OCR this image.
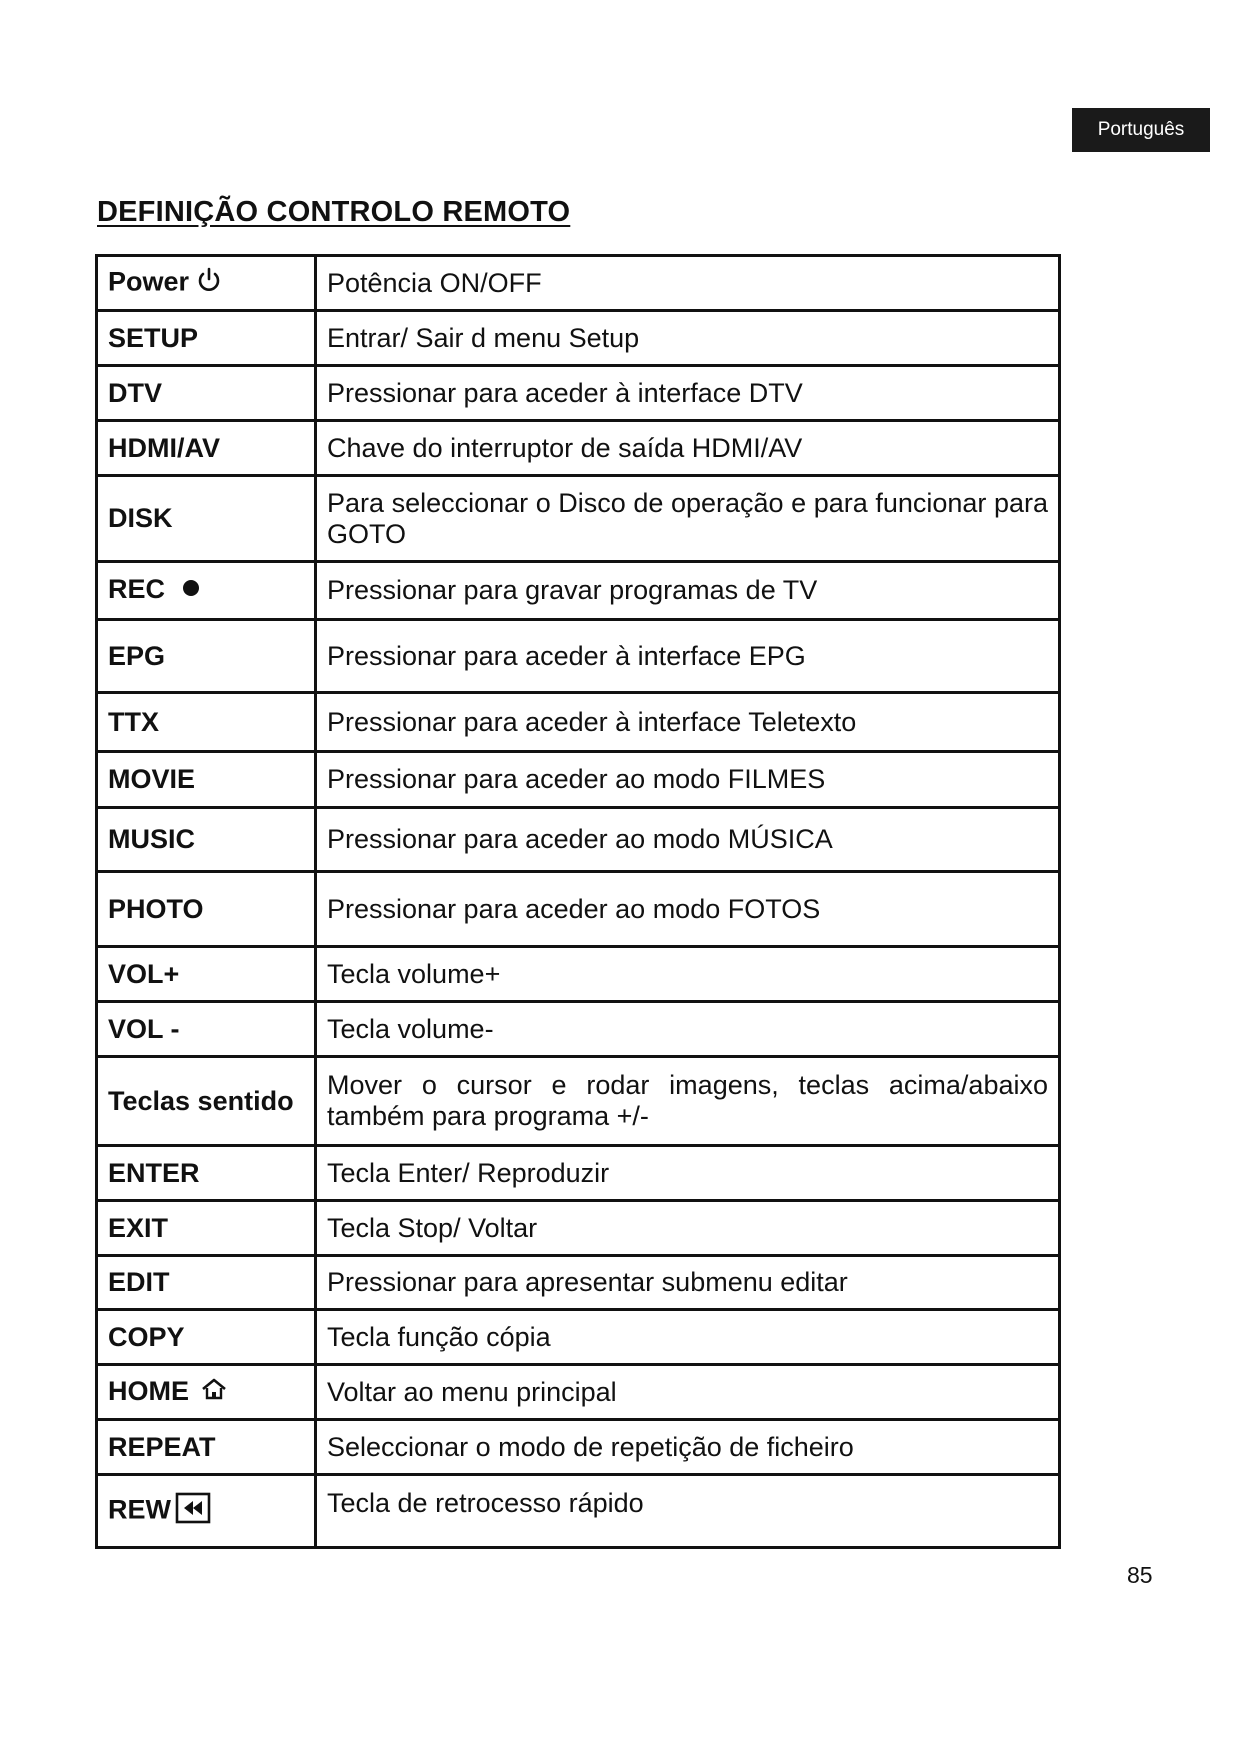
Português
DEFINIÇÃO CONTROLO REMOTO
Power	Potência ON/OFF
SETUP	Entrar/ Sair d menu Setup
DTV	Pressionar para aceder à interface DTV
HDMI/AV	Chave do interruptor de saída HDMI/AV
DISK	Para seleccionar o Disco de operação e para funcionar para GOTO
REC	Pressionar para gravar programas de TV
EPG	Pressionar para aceder à interface EPG
TTX	Pressionar para aceder à interface Teletexto
MOVIE	Pressionar para aceder ao modo FILMES
MUSIC	Pressionar para aceder ao modo MÚSICA
PHOTO	Pressionar para aceder ao modo FOTOS
VOL+	Tecla volume+
VOL -	Tecla volume-
Teclas sentido	Mover o cursor e rodar imagens, teclas acima/abaixo também para programa +/-
ENTER	Tecla Enter/ Reproduzir
EXIT	Tecla Stop/ Voltar
EDIT	Pressionar para apresentar submenu editar
COPY	Tecla função cópia
HOME	Voltar ao menu principal
REPEAT	Seleccionar o modo de repetição de ficheiro
REW	Tecla de retrocesso rápido
85
